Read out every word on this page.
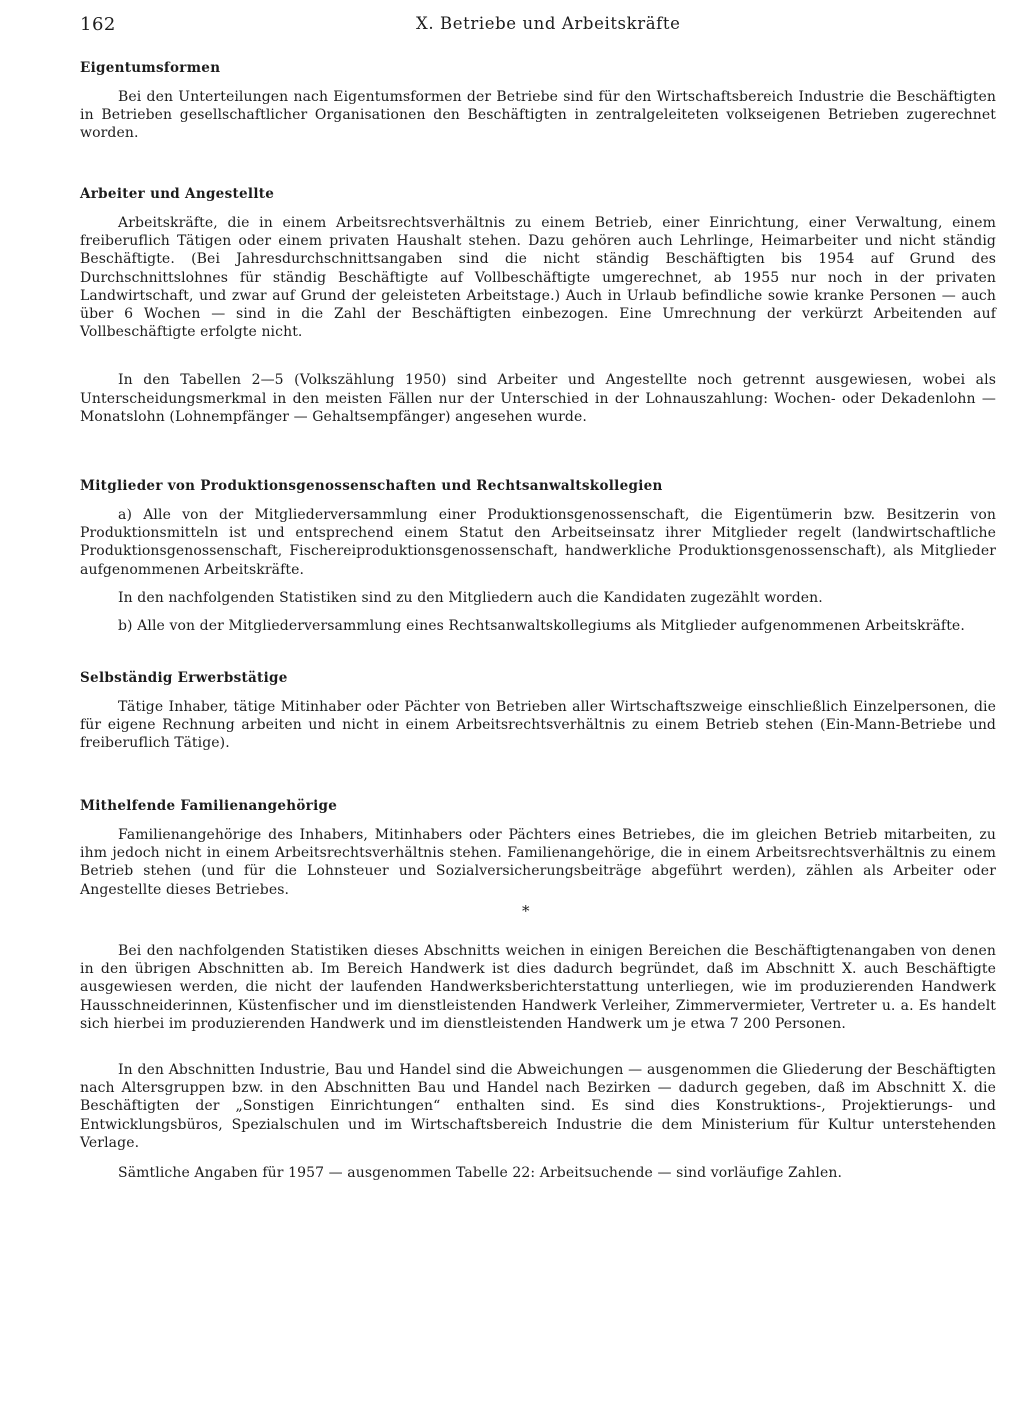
162	X. Betriebe und Arbeitskräfte
Eigentumsformen

Bei den Unterteilungen nach Eigentumsformen der Betriebe sind für den Wirtschaftsbereich Industrie die Beschäftigten in Betrieben gesellschaftlicher Organisationen den Beschäftigten in zentralgeleiteten volkseigenen Betrieben zugerechnet worden.

Arbeiter und Angestellte

Arbeitskräfte, die in einem Arbeitsrechtsverhältnis zu einem Betrieb, einer Einrichtung, einer Verwaltung, einem freiberuflich Tätigen oder einem privaten Haushalt stehen. Dazu gehören auch Lehrlinge, Heimarbeiter und nicht ständig Beschäftigte. (Bei Jahresdurchschnittsangaben sind die nicht ständig Beschäftigten bis 1954 auf Grund des Durchschnittslohnes für ständig Beschäftigte auf Vollbeschäftigte umgerechnet, ab 1955 nur noch in der privaten Landwirtschaft, und zwar auf Grund der geleisteten Arbeitstage.) Auch in Urlaub befindliche sowie kranke Personen — auch über 6 Wochen — sind in die Zahl der Beschäftigten einbezogen. Eine Umrechnung der verkürzt Arbeitenden auf Vollbeschäftigte erfolgte nicht.

In den Tabellen 2—5 (Volkszählung 1950) sind Arbeiter und Angestellte noch getrennt ausgewiesen, wobei als Unterscheidungsmerkmal in den meisten Fällen nur der Unterschied in der Lohnauszahlung: Wochen- oder Dekadenlohn — Monatslohn (Lohnempfänger — Gehaltsempfänger) angesehen wurde.

Mitglieder von Produktionsgenossenschaften und Rechtsanwaltskollegien

a) Alle von der Mitgliederversammlung einer Produktionsgenossenschaft, die Eigentümerin bzw. Besitzerin von Produktionsmitteln ist und entsprechend einem Statut den Arbeitseinsatz ihrer Mitglieder regelt (landwirtschaftliche Produktionsgenossenschaft, Fischereiproduktionsgenossenschaft, handwerkliche Produktionsgenossenschaft), als Mitglieder aufgenommenen Arbeitskräfte.

In den nachfolgenden Statistiken sind zu den Mitgliedern auch die Kandidaten zugezählt worden.

b) Alle von der Mitgliederversammlung eines Rechtsanwaltskollegiums als Mitglieder aufgenommenen Arbeitskräfte.

Selbständig Erwerbstätige

Tätige Inhaber, tätige Mitinhaber oder Pächter von Betrieben aller Wirtschaftszweige einschließlich Einzelpersonen, die für eigene Rechnung arbeiten und nicht in einem Arbeitsrechtsverhältnis zu einem Betrieb stehen (Ein-Mann-Betriebe und freiberuflich Tätige).

Mithelfende Familienangehörige

Familienangehörige des Inhabers, Mitinhabers oder Pächters eines Betriebes, die im gleichen Betrieb mitarbeiten, zu ihm jedoch nicht in einem Arbeitsrechtsverhältnis stehen. Familienangehörige, die in einem Arbeitsrechtsverhältnis zu einem Betrieb stehen (und für die Lohnsteuer und Sozialversicherungsbeiträge abgeführt werden), zählen als Arbeiter oder Angestellte dieses Betriebes.

*

Bei den nachfolgenden Statistiken dieses Abschnitts weichen in einigen Bereichen die Beschäftigtenangaben von denen in den übrigen Abschnitten ab. Im Bereich Handwerk ist dies dadurch begründet, daß im Abschnitt X. auch Beschäftigte ausgewiesen werden, die nicht der laufenden Handwerksberichterstattung unterliegen, wie im produzierenden Handwerk Hausschneiderinnen, Küstenfischer und im dienstleistenden Handwerk Verleiher, Zimmervermieter, Vertreter u. a. Es handelt sich hierbei im produzierenden Handwerk und im dienstleistenden Handwerk um je etwa 7 200 Personen.

In den Abschnitten Industrie, Bau und Handel sind die Abweichungen — ausgenommen die Gliederung der Beschäftigten nach Altersgruppen bzw. in den Abschnitten Bau und Handel nach Bezirken — dadurch gegeben, daß im Abschnitt X. die Beschäftigten der „Sonstigen Einrichtungen“ enthalten sind. Es sind dies Konstruktions-, Projektierungs- und Entwicklungsbüros, Spezialschulen und im Wirtschaftsbereich Industrie die dem Ministerium für Kultur unterstehenden Verlage.

Sämtliche Angaben für 1957 — ausgenommen Tabelle 22: Arbeitsuchende — sind vorläufige Zahlen.
